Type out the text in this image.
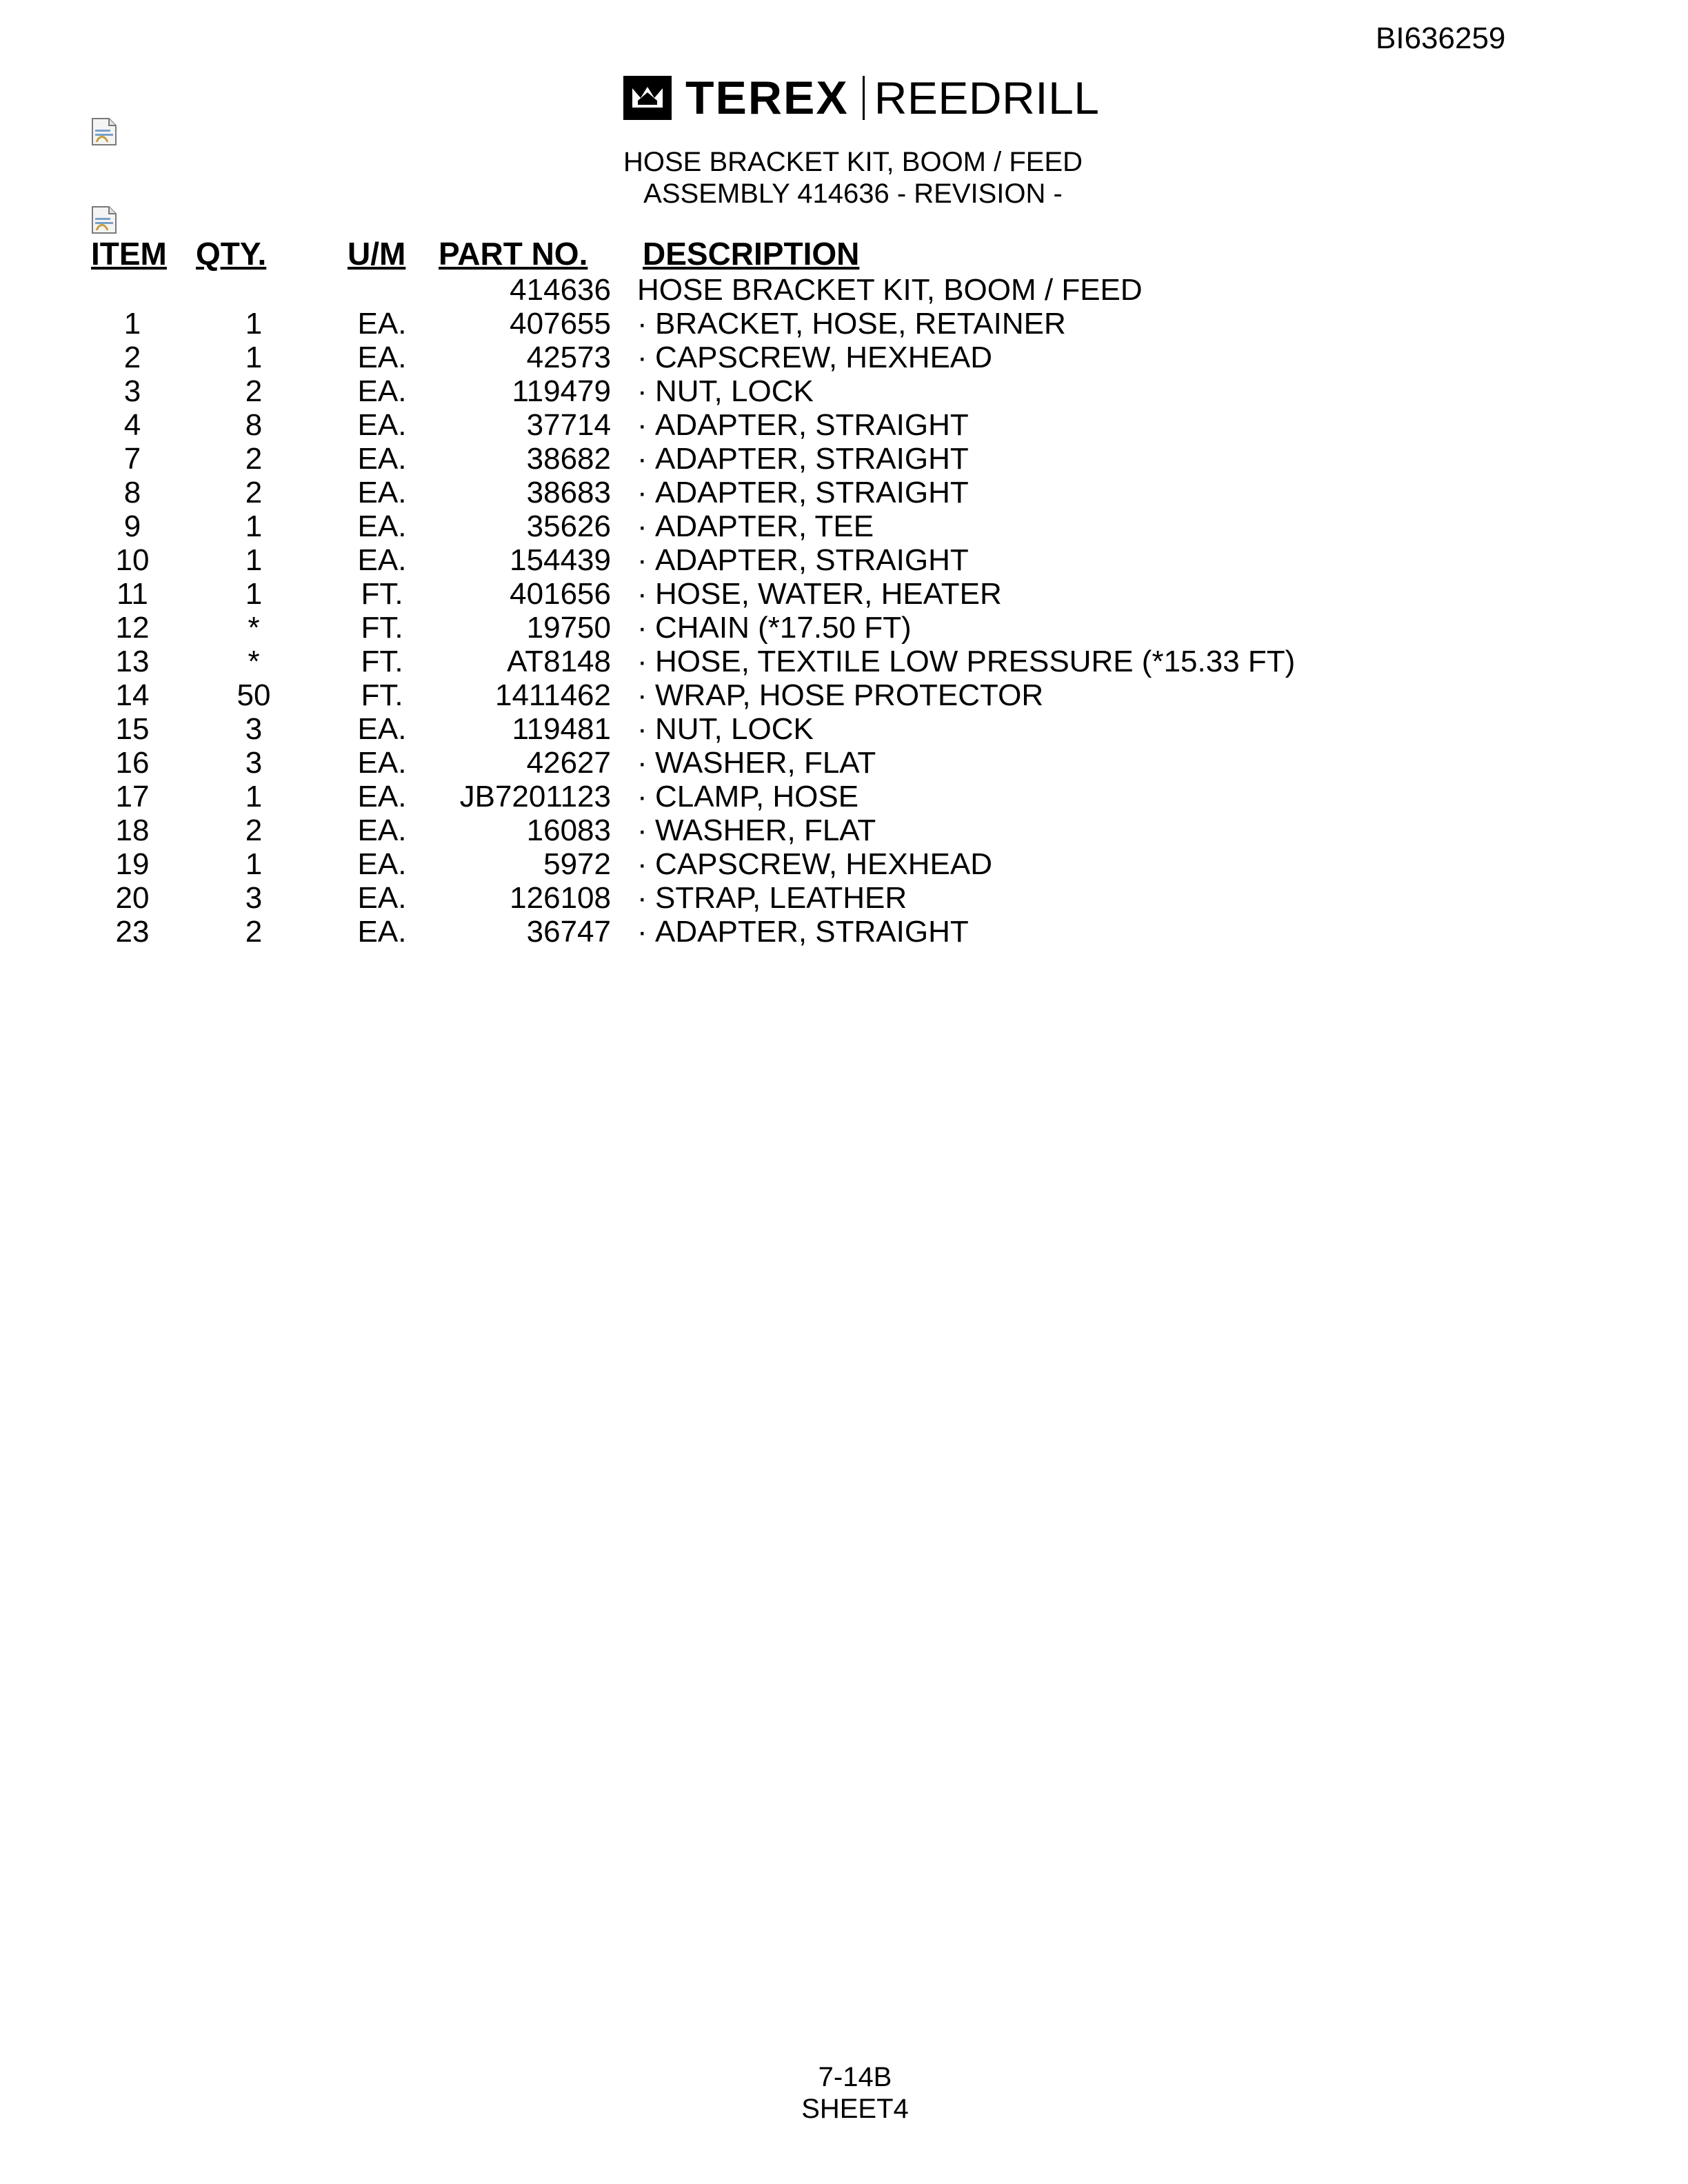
BI636259
TEREX REEDRILL
HOSE BRACKET KIT, BOOM / FEED
ASSEMBLY 414636 - REVISION -
ITEM	QTY.	U/M	PART NO.	DESCRIPTION
			414636	HOSE BRACKET KIT, BOOM / FEED
1	1	EA.	407655	· BRACKET, HOSE, RETAINER
2	1	EA.	42573	· CAPSCREW, HEXHEAD
3	2	EA.	119479	· NUT, LOCK
4	8	EA.	37714	· ADAPTER, STRAIGHT
7	2	EA.	38682	· ADAPTER, STRAIGHT
8	2	EA.	38683	· ADAPTER, STRAIGHT
9	1	EA.	35626	· ADAPTER, TEE
10	1	EA.	154439	· ADAPTER, STRAIGHT
11	1	FT.	401656	· HOSE, WATER, HEATER
12	*	FT.	19750	· CHAIN (*17.50 FT)
13	*	FT.	AT8148	· HOSE, TEXTILE LOW PRESSURE (*15.33 FT)
14	50	FT.	1411462	· WRAP, HOSE PROTECTOR
15	3	EA.	119481	· NUT, LOCK
16	3	EA.	42627	· WASHER, FLAT
17	1	EA.	JB7201123	· CLAMP, HOSE
18	2	EA.	16083	· WASHER, FLAT
19	1	EA.	5972	· CAPSCREW, HEXHEAD
20	3	EA.	126108	· STRAP, LEATHER
23	2	EA.	36747	· ADAPTER, STRAIGHT
7-14B
SHEET4
